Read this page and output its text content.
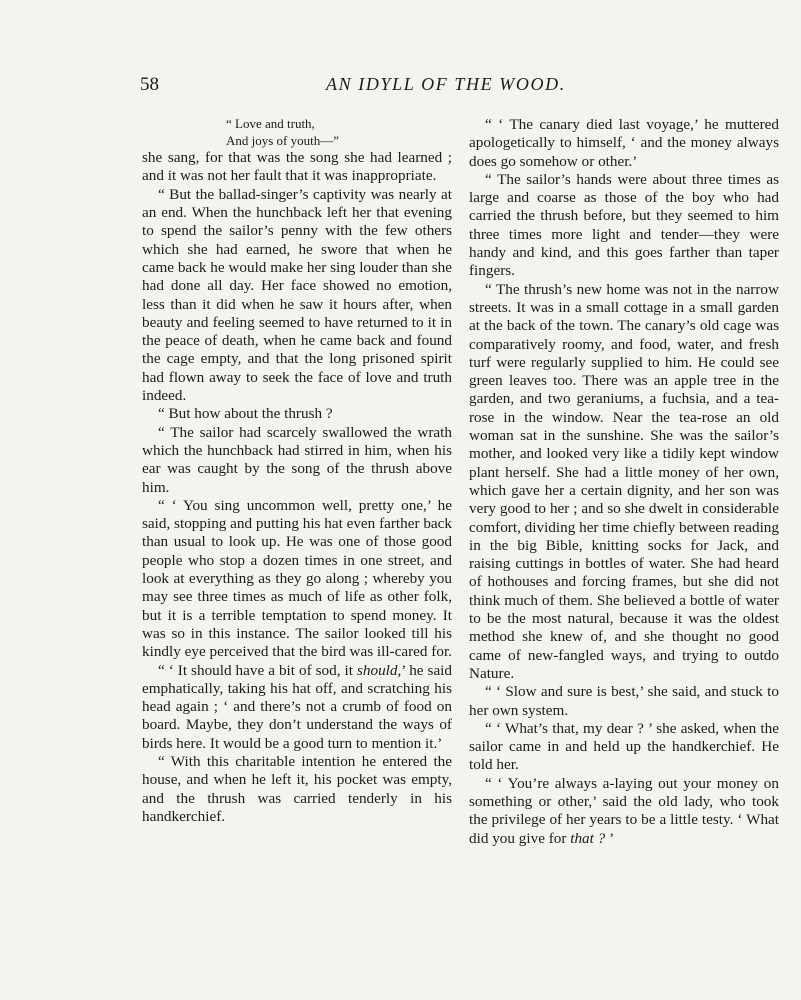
58	AN IDYLL OF THE WOOD.
“ Love and truth,
And joys of youth—”

she sang, for that was the song she had learned ; and it was not her fault that it was inappropriate.

“ But the ballad-singer’s captivity was nearly at an end. When the hunchback left her that evening to spend the sailor’s penny with the few others which she had earned, he swore that when he came back he would make her sing louder than she had done all day. Her face showed no emotion, less than it did when he saw it hours after, when beauty and feeling seemed to have returned to it in the peace of death, when he came back and found the cage empty, and that the long prisoned spirit had flown away to seek the face of love and truth indeed.

“ But how about the thrush ?

“ The sailor had scarcely swallowed the wrath which the hunchback had stirred in him, when his ear was caught by the song of the thrush above him.

“ ‘ You sing uncommon well, pretty one,’ he said, stopping and putting his hat even farther back than usual to look up. He was one of those good people who stop a dozen times in one street, and look at everything as they go along ; whereby you may see three times as much of life as other folk, but it is a terrible temptation to spend money. It was so in this instance. The sailor looked till his kindly eye perceived that the bird was ill-cared for.

“ ‘ It should have a bit of sod, it should,’ he said emphatically, taking his hat off, and scratching his head again ; ‘ and there’s not a crumb of food on board. Maybe, they don’t understand the ways of birds here. It would be a good turn to mention it.’

“ With this charitable intention he entered the house, and when he left it, his pocket was empty, and the thrush was carried tenderly in his handkerchief.

“ ‘ The canary died last voyage,’ he muttered apologetically to himself, ‘ and the money always does go somehow or other.’

“ The sailor’s hands were about three times as large and coarse as those of the boy who had carried the thrush before, but they seemed to him three times more light and tender—they were handy and kind, and this goes farther than taper fingers.

“ The thrush’s new home was not in the narrow streets. It was in a small cottage in a small garden at the back of the town. The canary’s old cage was comparatively roomy, and food, water, and fresh turf were regularly supplied to him. He could see green leaves too. There was an apple tree in the garden, and two geraniums, a fuchsia, and a tea-rose in the window. Near the tea-rose an old woman sat in the sunshine. She was the sailor’s mother, and looked very like a tidily kept window plant herself. She had a little money of her own, which gave her a certain dignity, and her son was very good to her ; and so she dwelt in considerable comfort, dividing her time chiefly between reading in the big Bible, knitting socks for Jack, and raising cuttings in bottles of water. She had heard of hothouses and forcing frames, but she did not think much of them. She believed a bottle of water to be the most natural, because it was the oldest method she knew of, and she thought no good came of new-fangled ways, and trying to outdo Nature.

“ ‘ Slow and sure is best,’ she said, and stuck to her own system.

“ ‘ What’s that, my dear ? ’ she asked, when the sailor came in and held up the handkerchief. He told her.

“ ‘ You’re always a-laying out your money on something or other,’ said the old lady, who took the privilege of her years to be a little testy. ‘ What did you give for that ? ’
